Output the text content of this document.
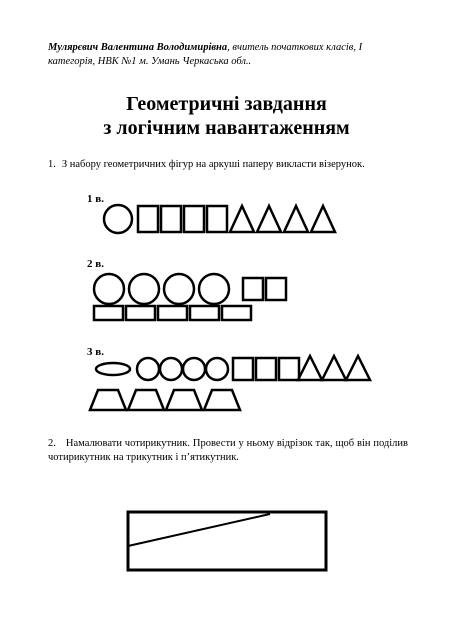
Мулярєвич Валентина Володимирівна, вчитель початкових класів, І
категорія, НВК №1 м. Умань Черкаська обл..
Геометричні завдання
з логічним навантаженням
1. З набору геометричних фігур на аркуші паперу викласти візерунок.
1 в.
2 в.
3 в.
2. Намалювати чотирикутник. Провести у ньому відрізок так, щоб він поділив чотирикутник на трикутник і п’ятикутник.
